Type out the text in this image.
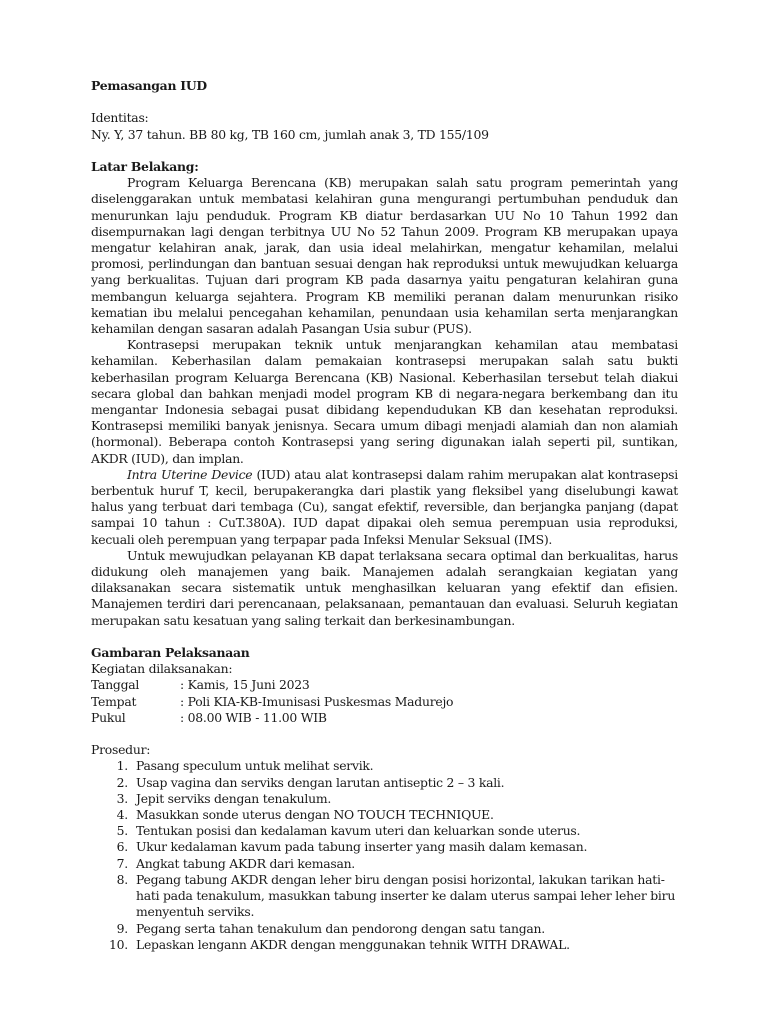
Pemasangan IUD

Identitas:

Ny. Y, 37 tahun. BB 80 kg, TB 160 cm, jumlah anak 3, TD 155/109

Latar Belakang:

Program Keluarga Berencana (KB) merupakan salah satu program pemerintah yang diselenggarakan untuk membatasi kelahiran guna mengurangi pertumbuhan penduduk dan menurunkan laju penduduk. Program KB diatur berdasarkan UU No 10 Tahun 1992 dan disempurnakan lagi dengan terbitnya UU No 52 Tahun 2009. Program KB merupakan upaya mengatur kelahiran anak, jarak, dan usia ideal melahirkan, mengatur kehamilan, melalui promosi, perlindungan dan bantuan sesuai dengan hak reproduksi untuk mewujudkan keluarga yang berkualitas. Tujuan dari program KB pada dasarnya yaitu pengaturan kelahiran guna membangun keluarga sejahtera. Program KB memiliki peranan dalam menurunkan risiko kematian ibu melalui pencegahan kehamilan, penundaan usia kehamilan serta menjarangkan kehamilan dengan sasaran adalah Pasangan Usia subur (PUS).

Kontrasepsi merupakan teknik untuk menjarangkan kehamilan atau membatasi kehamilan. Keberhasilan dalam pemakaian kontrasepsi merupakan salah satu bukti keberhasilan program Keluarga Berencana (KB) Nasional. Keberhasilan tersebut telah diakui secara global dan bahkan menjadi model program KB di negara-negara berkembang dan itu mengantar Indonesia sebagai pusat dibidang kependudukan KB dan kesehatan reproduksi. Kontrasepsi memiliki banyak jenisnya. Secara umum dibagi menjadi alamiah dan non alamiah (hormonal). Beberapa contoh Kontrasepsi yang sering digunakan ialah seperti pil, suntikan, AKDR (IUD), dan implan.

Intra Uterine Device (IUD) atau alat kontrasepsi dalam rahim merupakan alat kontrasepsi berbentuk huruf T, kecil, berupakerangka dari plastik yang fleksibel yang diselubungi kawat halus yang terbuat dari tembaga (Cu), sangat efektif, reversible, dan berjangka panjang (dapat sampai 10 tahun : CuT.380A). IUD dapat dipakai oleh semua perempuan usia reproduksi, kecuali oleh perempuan yang terpapar pada Infeksi Menular Seksual (IMS).

Untuk mewujudkan pelayanan KB dapat terlaksana secara optimal dan berkualitas, harus didukung oleh manajemen yang baik. Manajemen adalah serangkaian kegiatan yang dilaksanakan secara sistematik untuk menghasilkan keluaran yang efektif dan efisien. Manajemen terdiri dari perencanaan, pelaksanaan, pemantauan dan evaluasi. Seluruh kegiatan merupakan satu kesatuan yang saling terkait dan berkesinambungan.

Gambaran Pelaksanaan

Kegiatan dilaksanakan:

Tanggal	: Kamis, 15 Juni 2023
Tempat	: Poli KIA-KB-Imunisasi Puskesmas Madurejo
Pukul	: 08.00 WIB - 11.00 WIB

Prosedur:

1. Pasang speculum untuk melihat servik.
2. Usap vagina dan serviks dengan larutan antiseptic 2 – 3 kali.
3. Jepit serviks dengan tenakulum.
4. Masukkan sonde uterus dengan NO TOUCH TECHNIQUE.
5. Tentukan posisi dan kedalaman kavum uteri dan keluarkan sonde uterus.
6. Ukur kedalaman kavum pada tabung inserter yang masih dalam kemasan.
7. Angkat tabung AKDR dari kemasan.
8. Pegang tabung AKDR dengan leher biru dengan posisi horizontal, lakukan tarikan hati-hati pada tenakulum, masukkan tabung inserter ke dalam uterus sampai leher leher biru menyentuh serviks.
9. Pegang serta tahan tenakulum dan pendorong dengan satu tangan.
10. Lepaskan lengann AKDR dengan menggunakan tehnik WITH DRAWAL.
